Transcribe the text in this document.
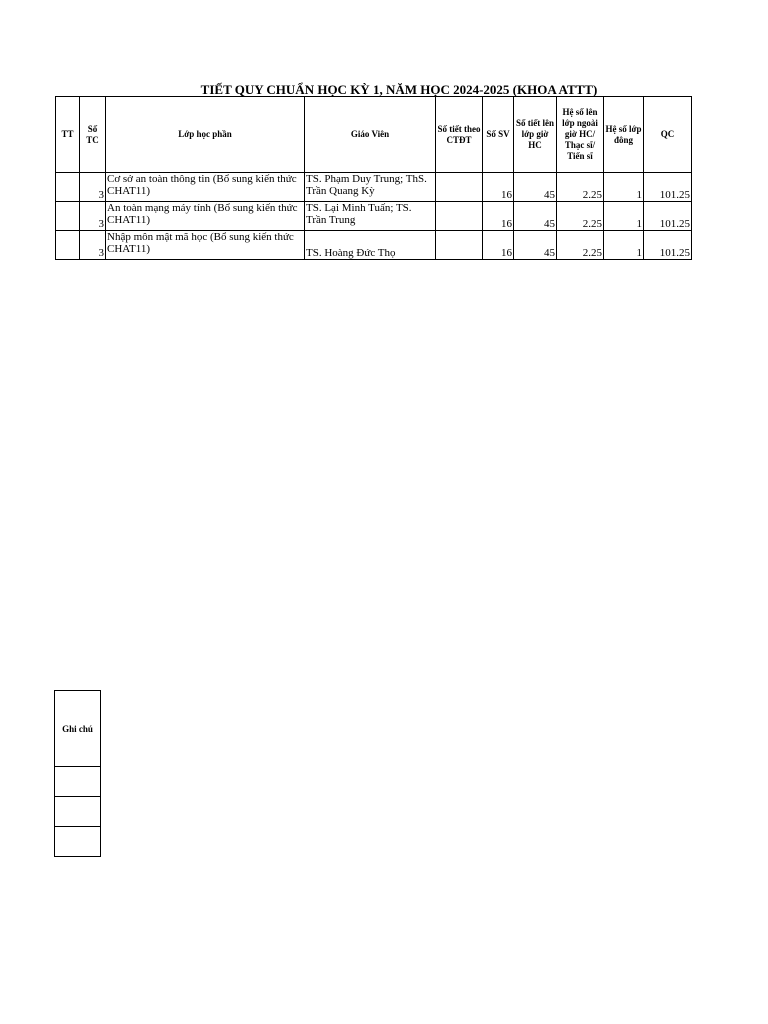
TIẾT QUY CHUẨN HỌC KỲ 1, NĂM HỌC 2024-2025 (KHOA ATTT)
TT	Số TC	Lớp học phần	Giáo Viên	Số tiết theo CTĐT	Số SV	Số tiết lên lớp giờ HC	Hệ số lên lớp ngoài giờ HC/ Thạc sĩ/ Tiến sĩ	Hệ số lớp đông	QC
	3	Cơ sở an toàn thông tin (Bổ sung kiến thức CHAT11)	TS. Phạm Duy Trung; ThS. Trần Quang Kỳ		16	45	2.25	1	101.25
	3	An toàn mạng máy tính (Bổ sung kiến thức CHAT11)	TS. Lại Minh Tuấn; TS. Trần Trung		16	45	2.25	1	101.25
	3	Nhập môn mật mã học (Bổ sung kiến thức CHAT11)	TS. Hoàng Đức Thọ		16	45	2.25	1	101.25
Ghi chú
